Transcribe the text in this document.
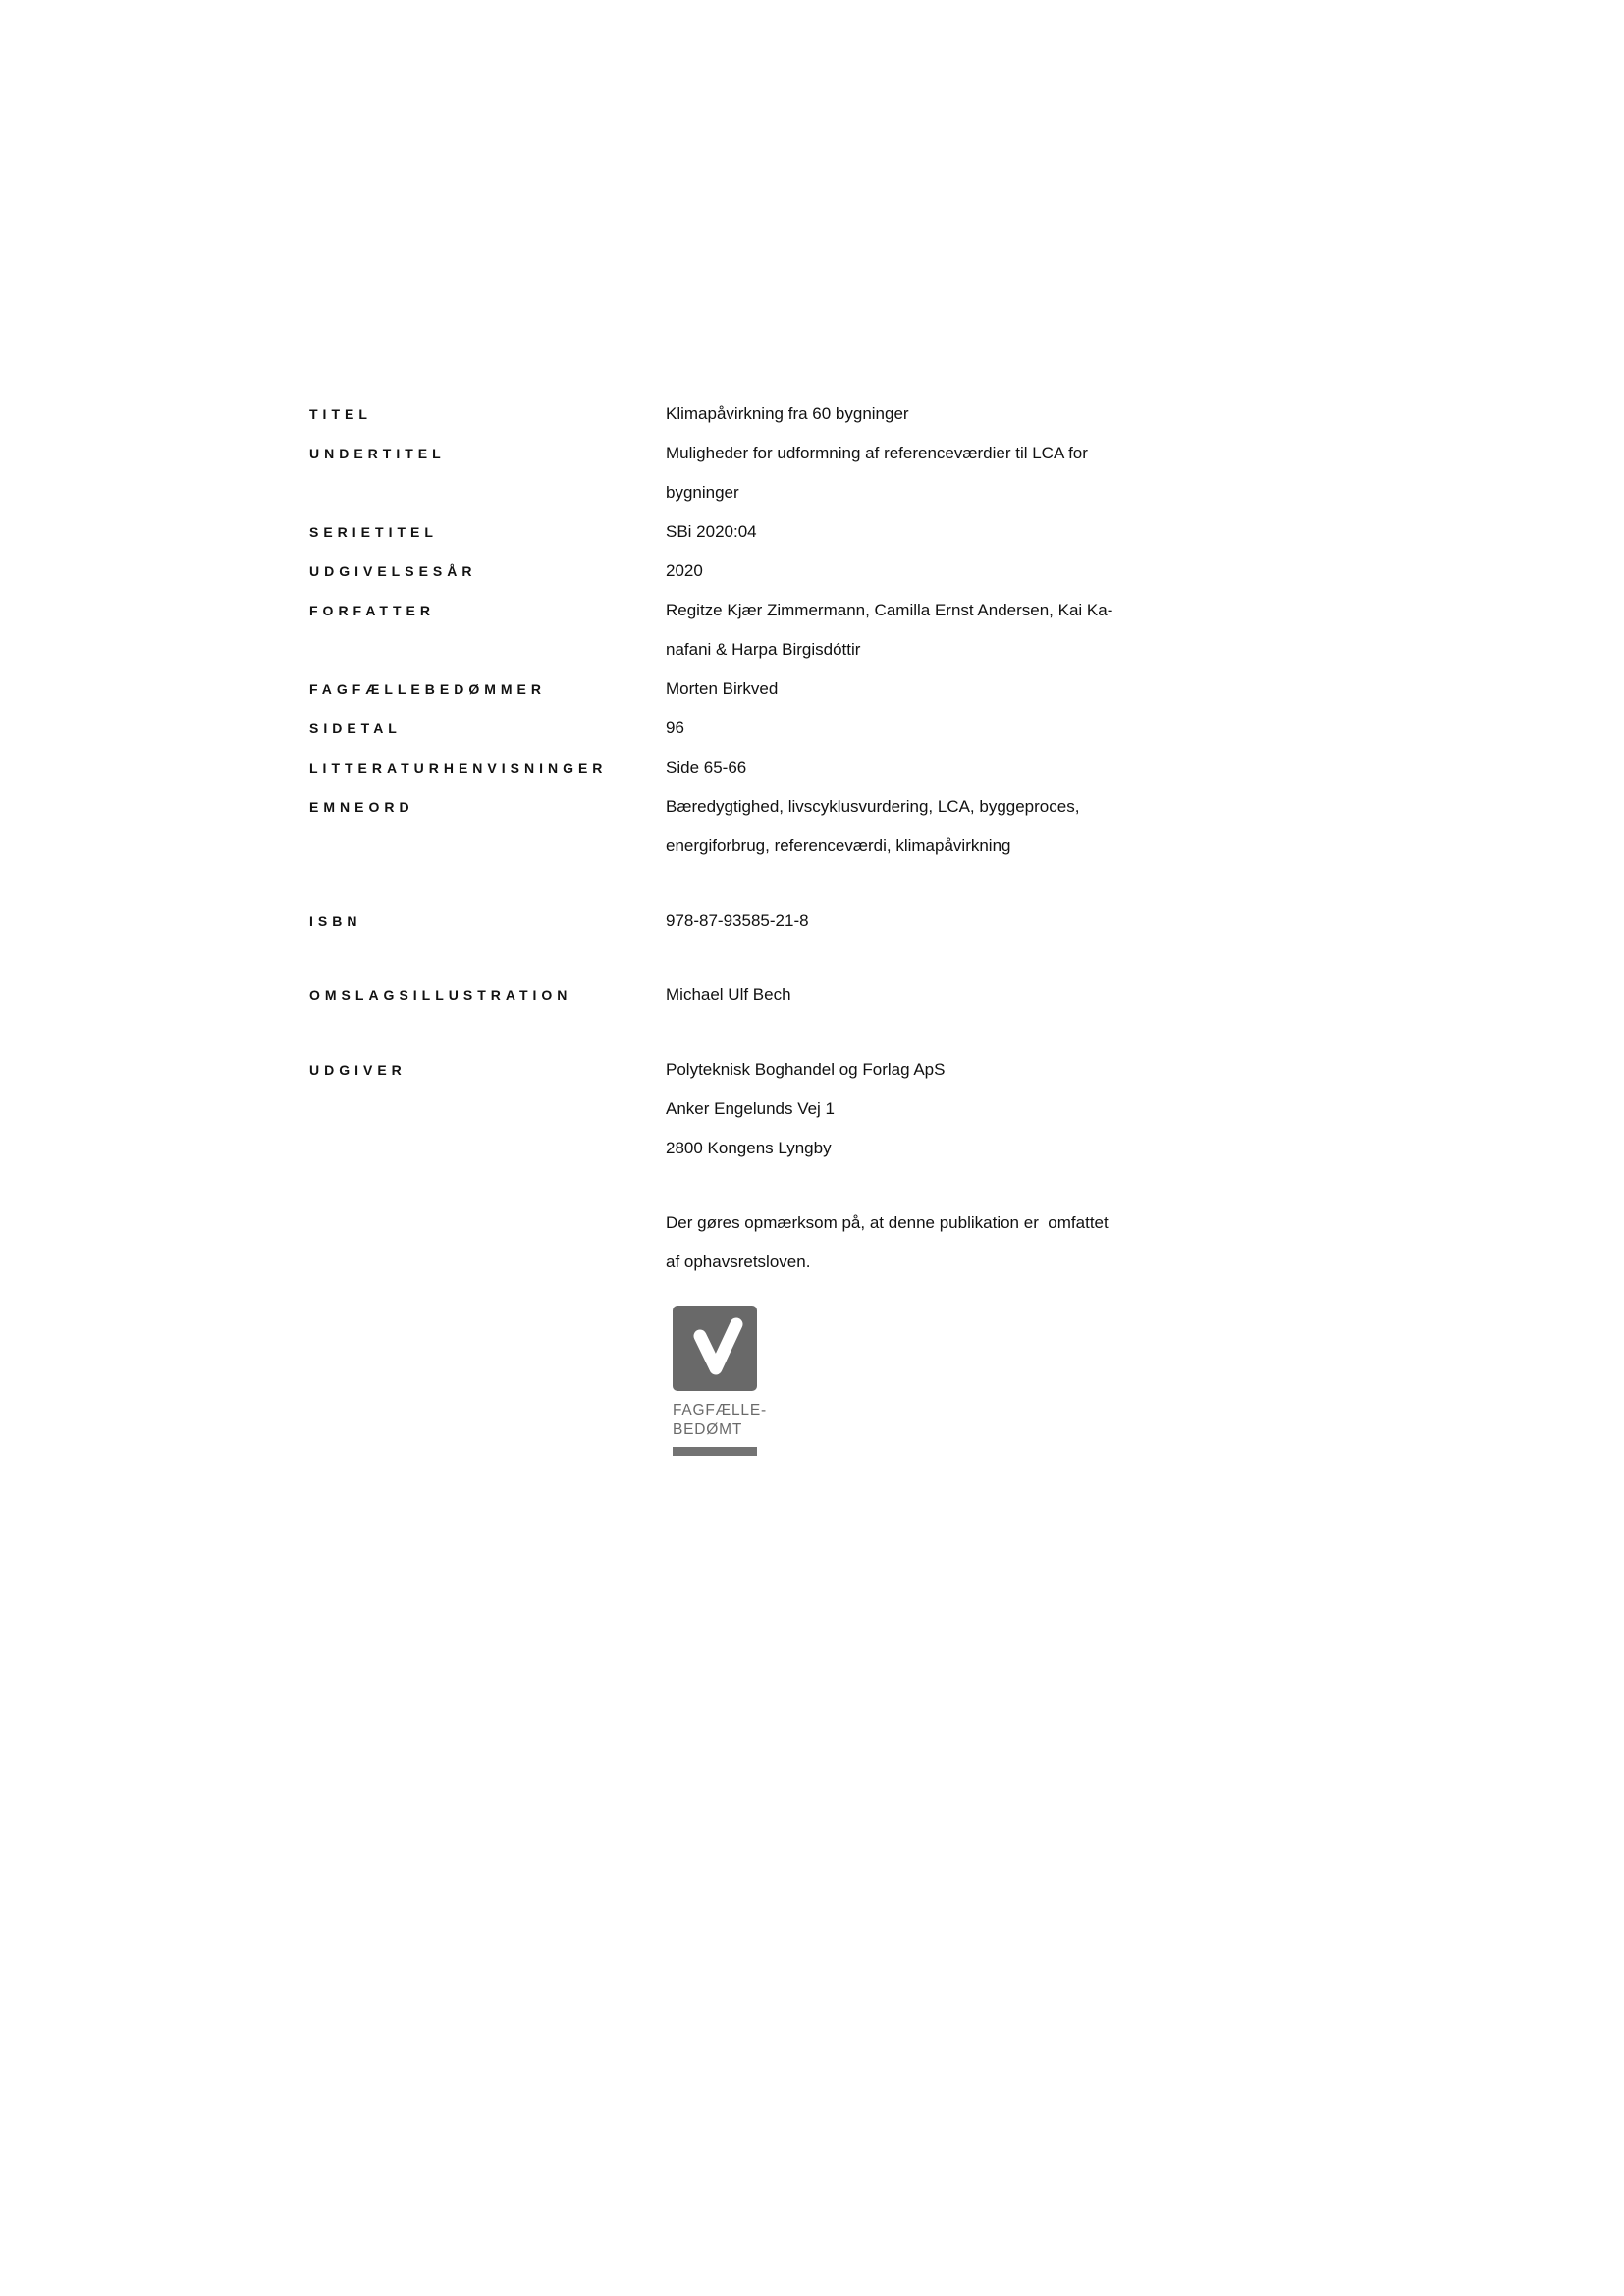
TITEL	Klimapåvirkning fra 60 bygninger
UNDERTITEL	Muligheder for udformning af referenceværdier til LCA for
bygninger
SERIETITEL	SBi 2020:04
UDGIVELSESÅR	2020
FORFATTER	Regitze Kjær Zimmermann, Camilla Ernst Andersen, Kai Ka-
nafani & Harpa Birgisdóttir
FAGFÆLLEBEDØMMER	Morten Birkved
SIDETAL	96
LITTERATURHENVISNINGER	Side 65-66
EMNEORD	Bæredygtighed, livscyklusvurdering, LCA, byggeproces,
energiforbrug, referenceværdi, klimapåvirkning
ISBN	978-87-93585-21-8
OMSLAGSILLUSTRATION	Michael Ulf Bech
UDGIVER	Polyteknisk Boghandel og Forlag ApS
Anker Engelunds Vej 1
2800 Kongens Lyngby
Der gøres opmærksom på, at denne publikation er  omfattet
af ophavsretsloven.
FAGFÆLLE-
BEDØMT
